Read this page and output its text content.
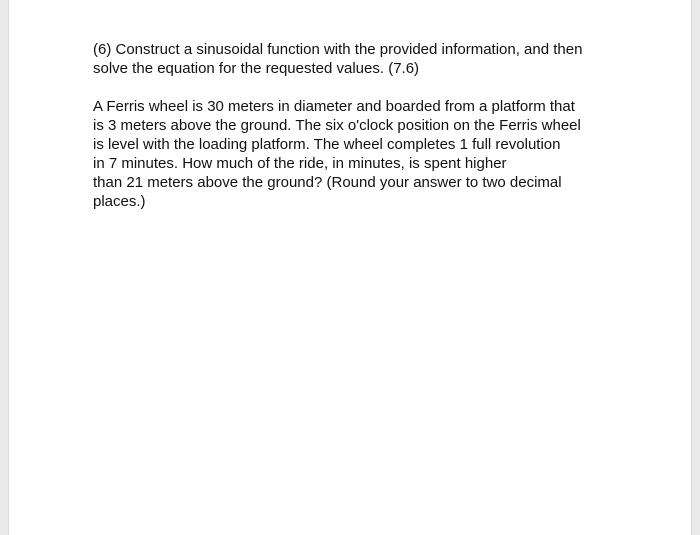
(6) Construct a sinusoidal function with the provided information, and then
solve the equation for the requested values. (7.6)

A Ferris wheel is 30 meters in diameter and boarded from a platform that
is 3 meters above the ground. The six o'clock position on the Ferris wheel
is level with the loading platform. The wheel completes 1 full revolution
in 7 minutes. How much of the ride, in minutes, is spent higher
than 21 meters above the ground? (Round your answer to two decimal
places.)
